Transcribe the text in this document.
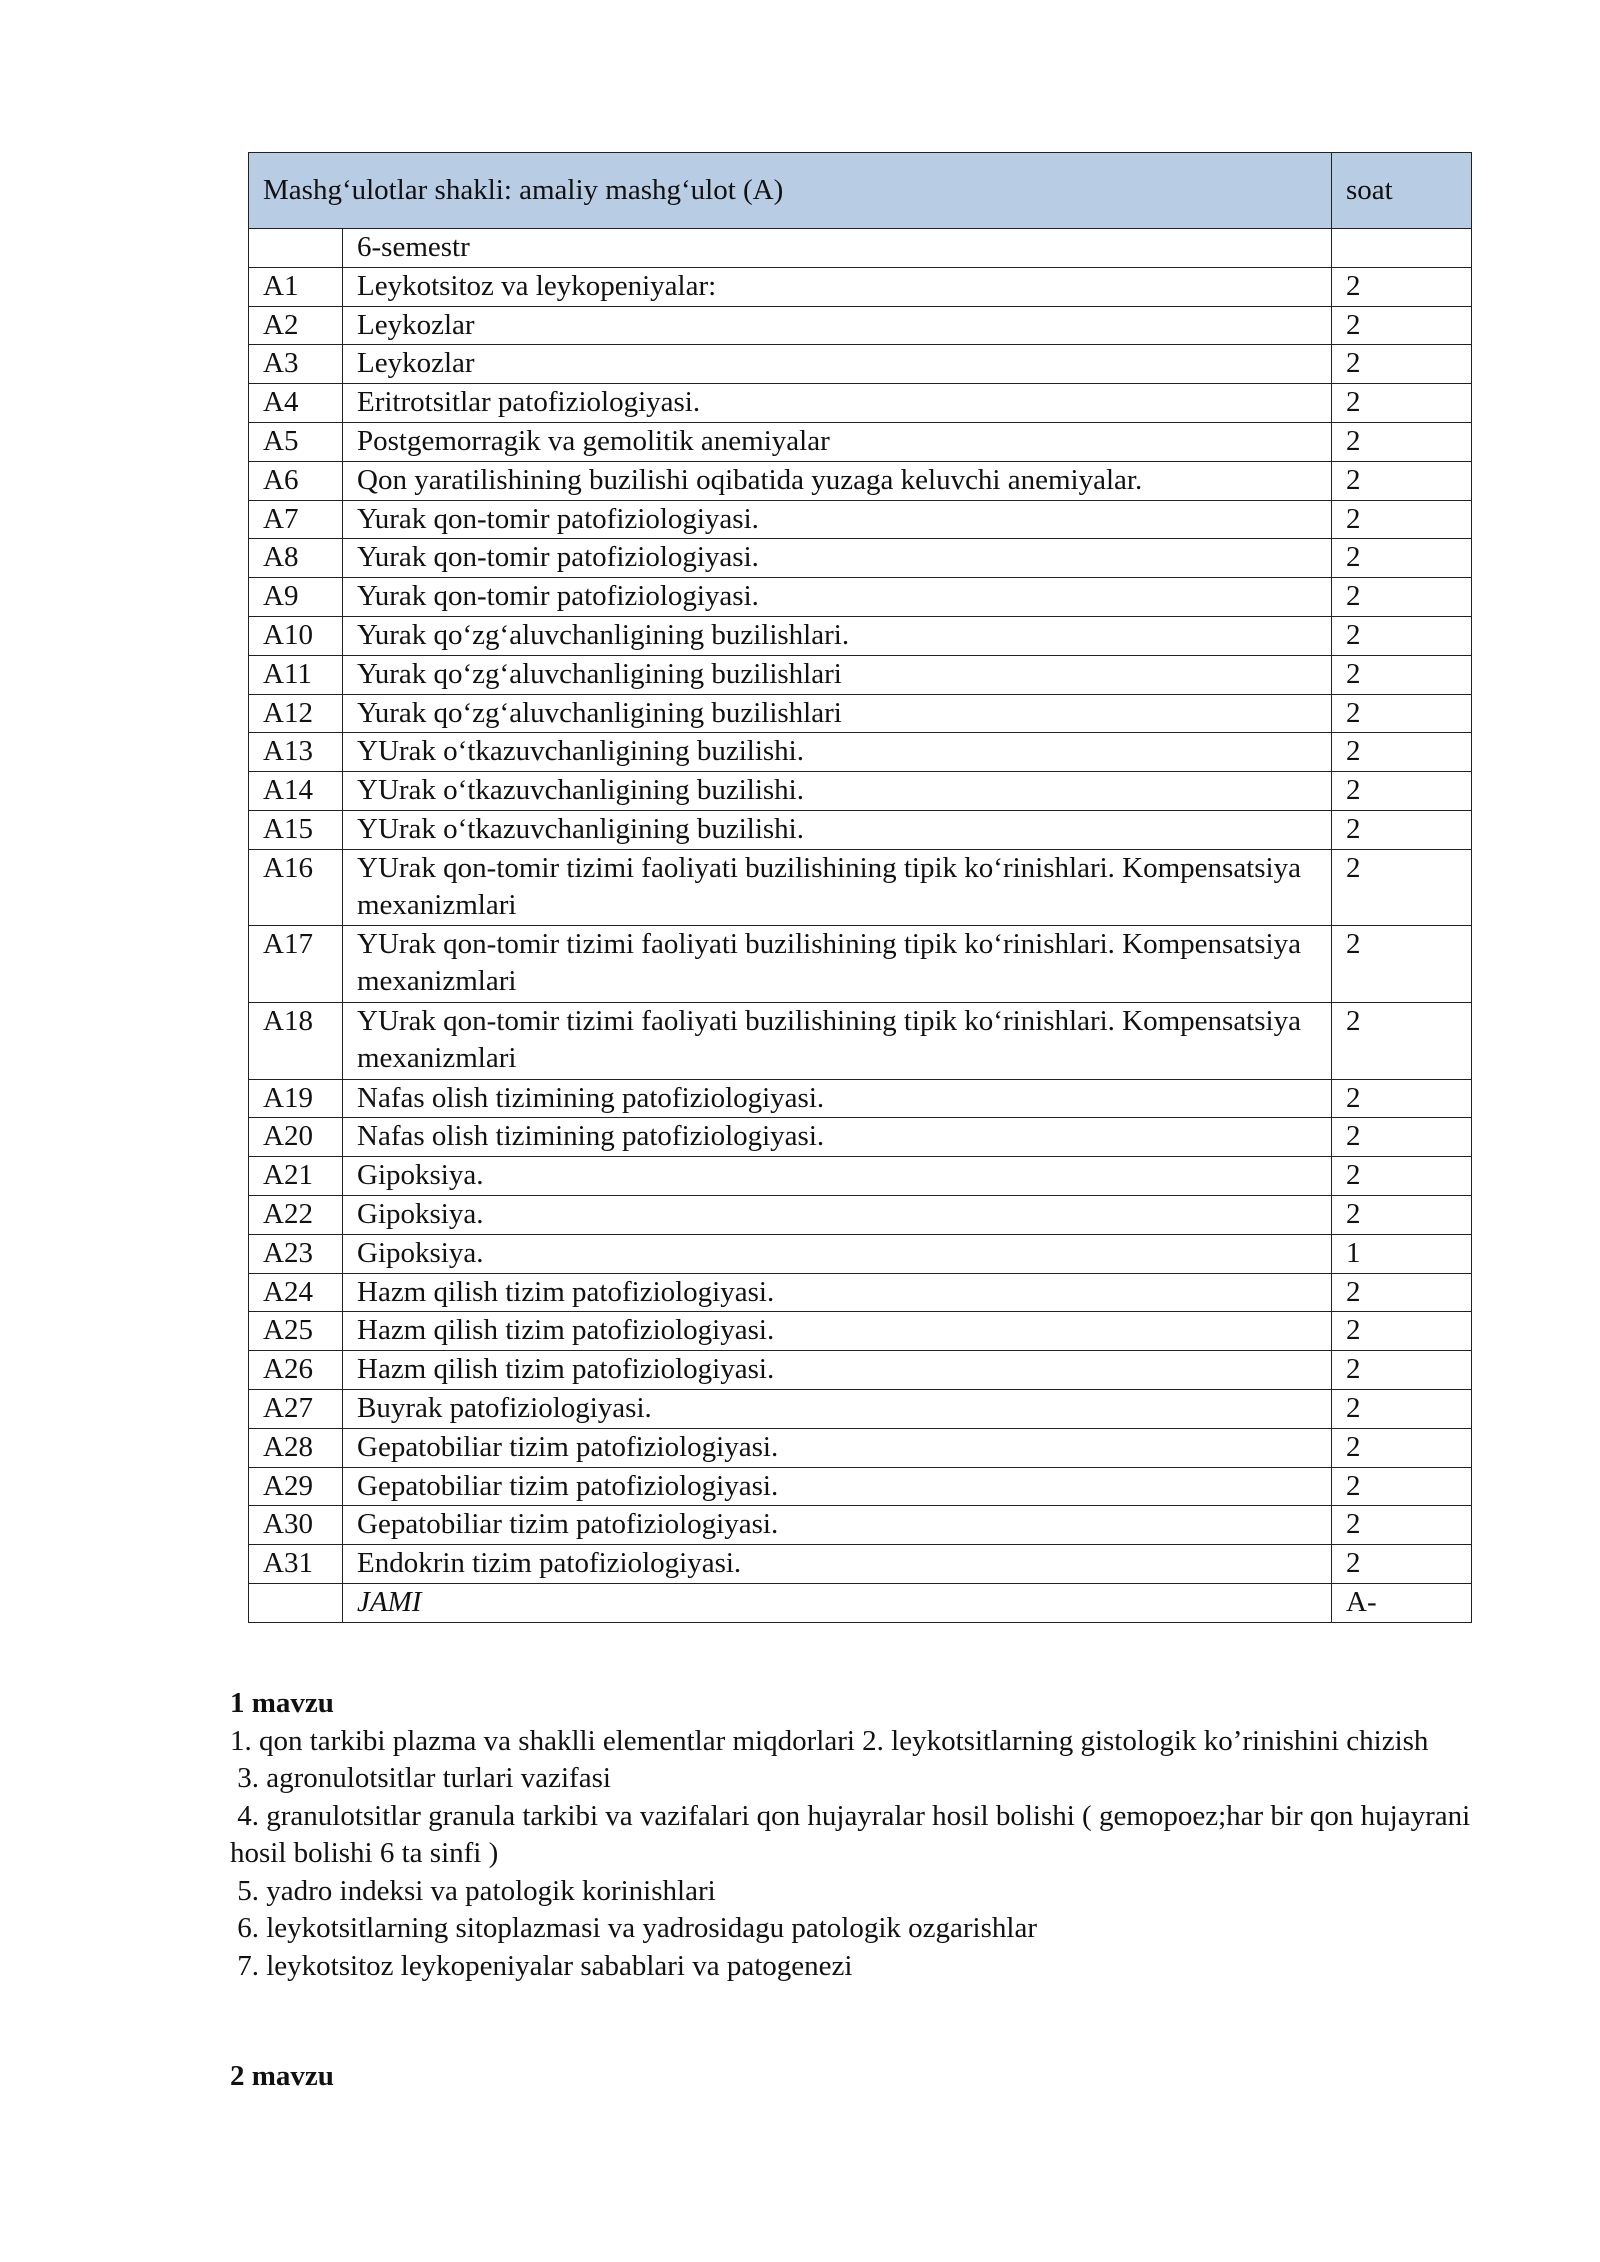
Mashg‘ulotlar shakli: amaliy mashg‘ulot (A)		soat
	6-semestr	
A1	Leykotsitoz va leykopeniyalar:	2
A2	Leykozlar	2
A3	Leykozlar	2
A4	Eritrotsitlar patofiziologiyasi.	2
A5	Postgemorragik va gemolitik anemiyalar	2
A6	Qon yaratilishining buzilishi oqibatida yuzaga keluvchi anemiyalar.	2
A7	Yurak qon-tomir patofiziologiyasi.	2
A8	Yurak qon-tomir patofiziologiyasi.	2
A9	Yurak qon-tomir patofiziologiyasi.	2
A10	Yurak qo‘zg‘aluvchanligining buzilishlari.	2
A11	Yurak qo‘zg‘aluvchanligining buzilishlari	2
A12	Yurak qo‘zg‘aluvchanligining buzilishlari	2
A13	YUrak o‘tkazuvchanligining buzilishi.	2
A14	YUrak o‘tkazuvchanligining buzilishi.	2
A15	YUrak o‘tkazuvchanligining buzilishi.	2
A16	YUrak qon-tomir tizimi faoliyati buzilishining tipik ko‘rinishlari. Kompensatsiya mexanizmlari	2
A17	YUrak qon-tomir tizimi faoliyati buzilishining tipik ko‘rinishlari. Kompensatsiya mexanizmlari	2
A18	YUrak qon-tomir tizimi faoliyati buzilishining tipik ko‘rinishlari. Kompensatsiya mexanizmlari	2
A19	Nafas olish tizimining patofiziologiyasi.	2
A20	Nafas olish tizimining patofiziologiyasi.	2
A21	Gipoksiya.	2
A22	Gipoksiya.	2
A23	Gipoksiya.	1
A24	Hazm qilish tizim patofiziologiyasi.	2
A25	Hazm qilish tizim patofiziologiyasi.	2
A26	Hazm qilish tizim patofiziologiyasi.	2
A27	Buyrak patofiziologiyasi.	2
A28	Gepatobiliar tizim patofiziologiyasi.	2
A29	Gepatobiliar tizim patofiziologiyasi.	2
A30	Gepatobiliar tizim patofiziologiyasi.	2
A31	Endokrin tizim patofiziologiyasi.	2
	JAMI	A-

1 mavzu

1. qon tarkibi plazma va shaklli elementlar miqdorlari 2. leykotsitlarning gistologik ko’rinishini chizish

3. agronulotsitlar turlari vazifasi

4. granulotsitlar granula tarkibi va vazifalari qon hujayralar hosil bolishi ( gemopoez;har bir qon hujayrani hosil bolishi 6 ta sinfi )

5. yadro indeksi va patologik korinishlari

6. leykotsitlarning sitoplazmasi va yadrosidagu patologik ozgarishlar

7. leykotsitoz leykopeniyalar sabablari va patogenezi

2 mavzu
